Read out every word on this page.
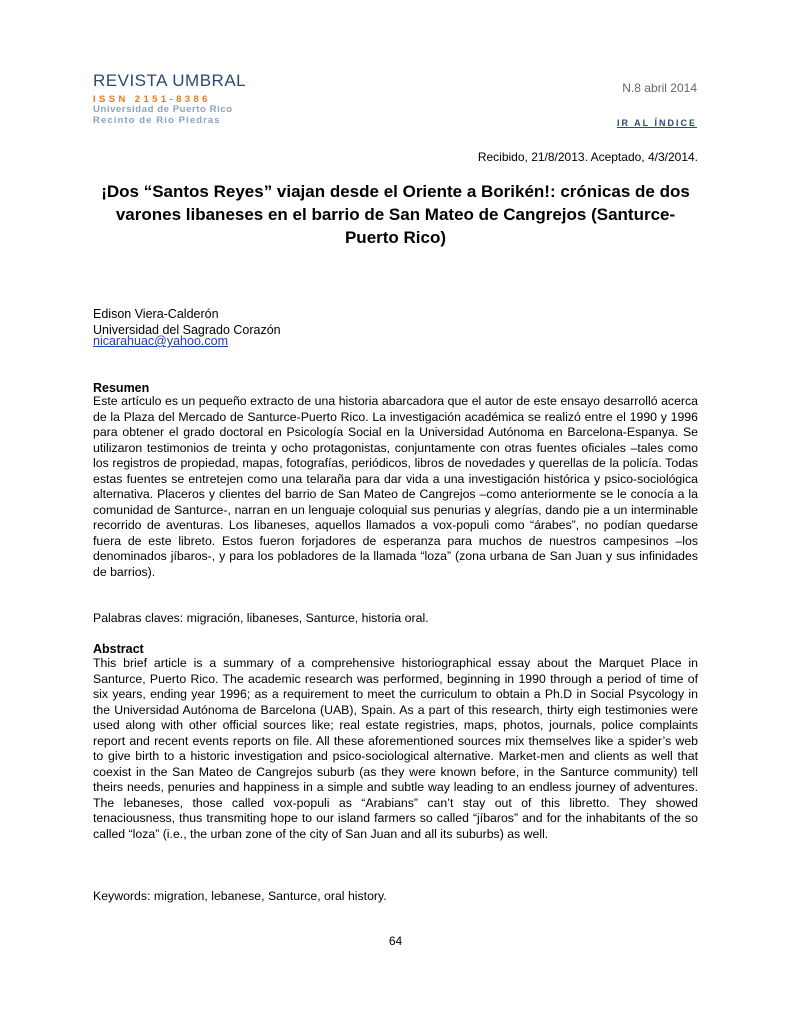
REVISTA UMBRAL
ISSN 2151-8386
Universidad de Puerto Rico
Recinto de Río Piedras
N.8 abril 2014
IR AL ÍNDICE
Recibido, 21/8/2013. Aceptado, 4/3/2014.
¡Dos “Santos Reyes” viajan desde el Oriente a Borikén!: crónicas de dos varones libaneses en el barrio de San Mateo de Cangrejos (Santurce-Puerto Rico)
Edison Viera-Calderón
Universidad del Sagrado Corazón
nicarahuac@yahoo.com
Resumen
Este artículo es un pequeño extracto de una historia abarcadora que el autor de este ensayo desarrolló acerca de la Plaza del Mercado de Santurce-Puerto Rico. La investigación académica se realizó entre el 1990 y 1996 para obtener el grado doctoral en Psicología Social en la Universidad Autónoma en Barcelona-Espanya. Se utilizaron testimonios de treinta y ocho protagonistas, conjuntamente con otras fuentes oficiales –tales como los registros de propiedad, mapas, fotografías, periódicos, libros de novedades y querellas de la policía. Todas estas fuentes se entretejen como una telaraña para dar vida a una investigación histórica y psico-sociológica alternativa. Placeros y clientes del barrio de San Mateo de Cangrejos –como anteriormente se le conocía a la comunidad de Santurce-, narran en un lenguaje coloquial sus penurias y alegrías, dando pie a un interminable recorrido de aventuras. Los libaneses, aquellos llamados a vox-populi como “árabes”, no podían quedarse fuera de este libreto. Estos fueron forjadores de esperanza para muchos de nuestros campesinos –los denominados jíbaros-, y para los pobladores de la llamada “loza” (zona urbana de San Juan y sus infinidades de barrios).
Palabras claves: migración, libaneses, Santurce, historia oral.
Abstract
This brief article is a summary of a comprehensive historiographical essay about the Marquet Place in Santurce, Puerto Rico. The academic research was performed, beginning in 1990 through a period of time of six years, ending year 1996; as a requirement to meet the curriculum to obtain a Ph.D in Social Psycology in the Universidad Autónoma de Barcelona (UAB), Spain. As a part of this research, thirty eigh testimonies were used along with other official sources like; real estate registries, maps, photos, journals, police complaints report and recent events reports on file. All these aforementioned sources mix themselves like a spider’s web to give birth to a historic investigation and psico-sociological alternative. Market-men and clients as well that coexist in the San Mateo de Cangrejos suburb (as they were known before, in the Santurce community) tell theirs needs, penuries and happiness in a simple and subtle way leading to an endless journey of adventures. The lebaneses, those called vox-populi as “Arabians” can’t stay out of this libretto. They showed tenaciousness, thus transmiting hope to our island farmers so called “jíbaros” and for the inhabitants of the so called “loza” (i.e., the urban zone of the city of San Juan and all its suburbs) as well.
Keywords: migration, lebanese, Santurce, oral history.
64
